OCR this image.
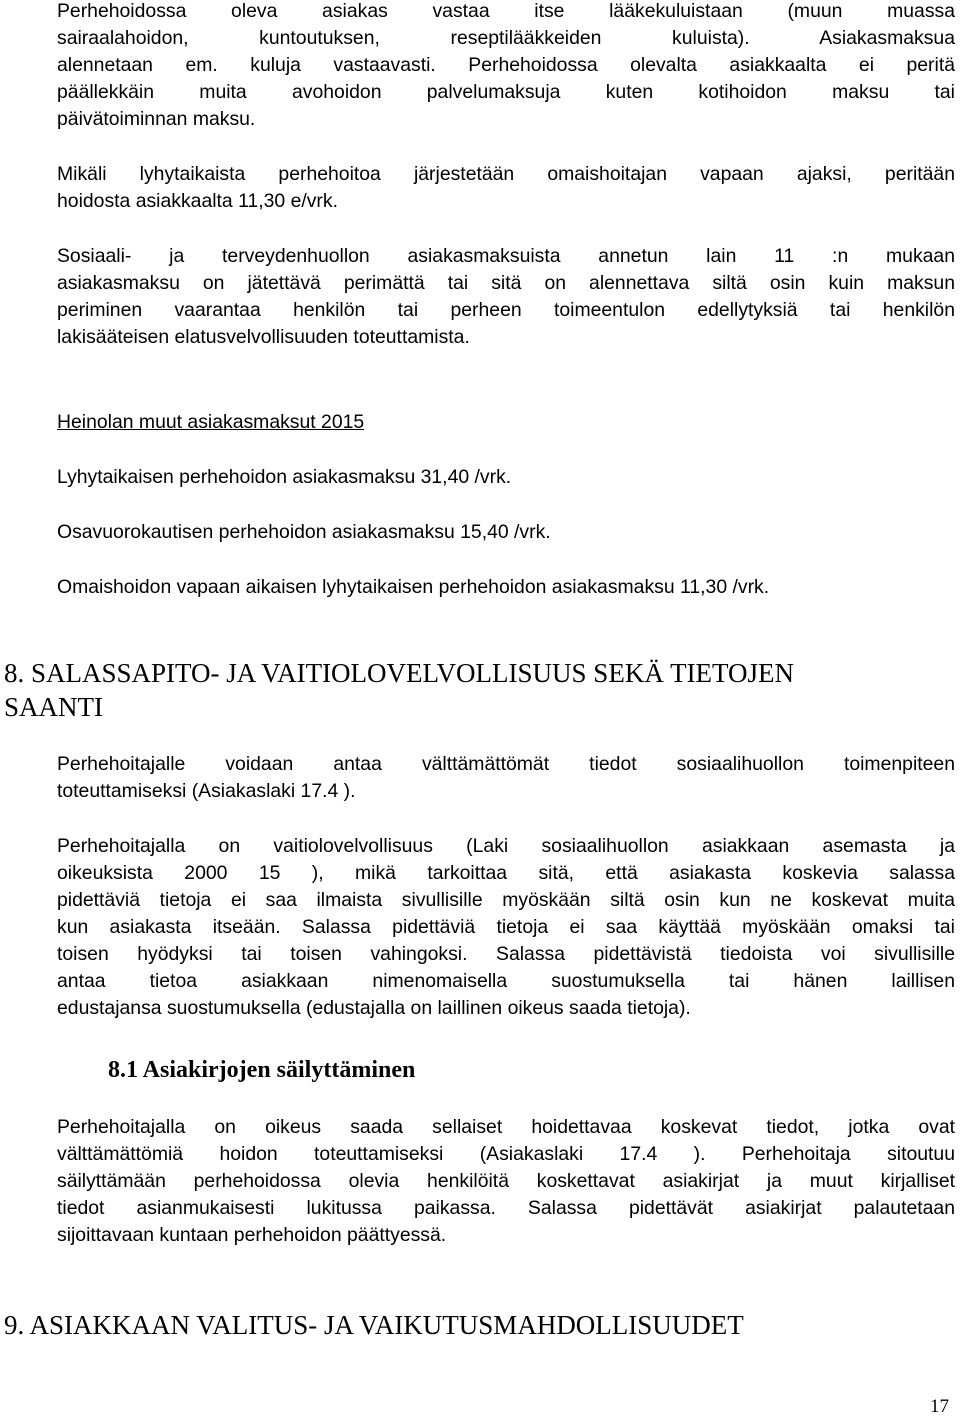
Perhehoidossa oleva asiakas vastaa itse lääkekuluistaan (muun muassa
sairaalahoidon, kuntoutuksen, reseptilääkkeiden kuluista). Asiakasmaksua
alennetaan em. kuluja vastaavasti. Perhehoidossa olevalta asiakkaalta ei peritä
päällekkäin muita avohoidon palvelumaksuja kuten kotihoidon maksu tai
päivätoiminnan maksu.
Mikäli lyhytaikaista perhehoitoa järjestetään omaishoitajan vapaan ajaksi, peritään
hoidosta asiakkaalta 11,30 e/vrk.
Sosiaali- ja terveydenhuollon asiakasmaksuista annetun lain 11 :n mukaan
asiakasmaksu on jätettävä perimättä tai sitä on alennettava siltä osin kuin maksun
periminen vaarantaa henkilön tai perheen toimeentulon edellytyksiä tai henkilön
lakisääteisen elatusvelvollisuuden toteuttamista.
Heinolan muut asiakasmaksut 2015
Lyhytaikaisen perhehoidon asiakasmaksu 31,40 /vrk.
Osavuorokautisen perhehoidon asiakasmaksu 15,40 /vrk.
Omaishoidon vapaan aikaisen lyhytaikaisen perhehoidon asiakasmaksu 11,30 /vrk.
8. SALASSAPITO- JA VAITIOLOVELVOLLISUUS SEKÄ TIETOJEN
SAANTI
Perhehoitajalle voidaan antaa välttämättömät tiedot sosiaalihuollon toimenpiteen
toteuttamiseksi (Asiakaslaki 17.4 ).
Perhehoitajalla on vaitiolovelvollisuus (Laki sosiaalihuollon asiakkaan asemasta ja
oikeuksista 2000 15 ), mikä tarkoittaa sitä, että asiakasta koskevia salassa
pidettäviä tietoja ei saa ilmaista sivullisille myöskään siltä osin kun ne koskevat muita
kun asiakasta itseään. Salassa pidettäviä tietoja ei saa käyttää myöskään omaksi tai
toisen hyödyksi tai toisen vahingoksi. Salassa pidettävistä tiedoista voi sivullisille
antaa tietoa asiakkaan nimenomaisella suostumuksella tai hänen laillisen
edustajansa suostumuksella (edustajalla on laillinen oikeus saada tietoja).
8.1 Asiakirjojen säilyttäminen
Perhehoitajalla on oikeus saada sellaiset hoidettavaa koskevat tiedot, jotka ovat
välttämättömiä hoidon toteuttamiseksi (Asiakaslaki 17.4 ). Perhehoitaja sitoutuu
säilyttämään perhehoidossa olevia henkilöitä koskettavat asiakirjat ja muut kirjalliset
tiedot asianmukaisesti lukitussa paikassa. Salassa pidettävät asiakirjat palautetaan
sijoittavaan kuntaan perhehoidon päättyessä.
9. ASIAKKAAN VALITUS- JA VAIKUTUSMAHDOLLISUUDET
17
